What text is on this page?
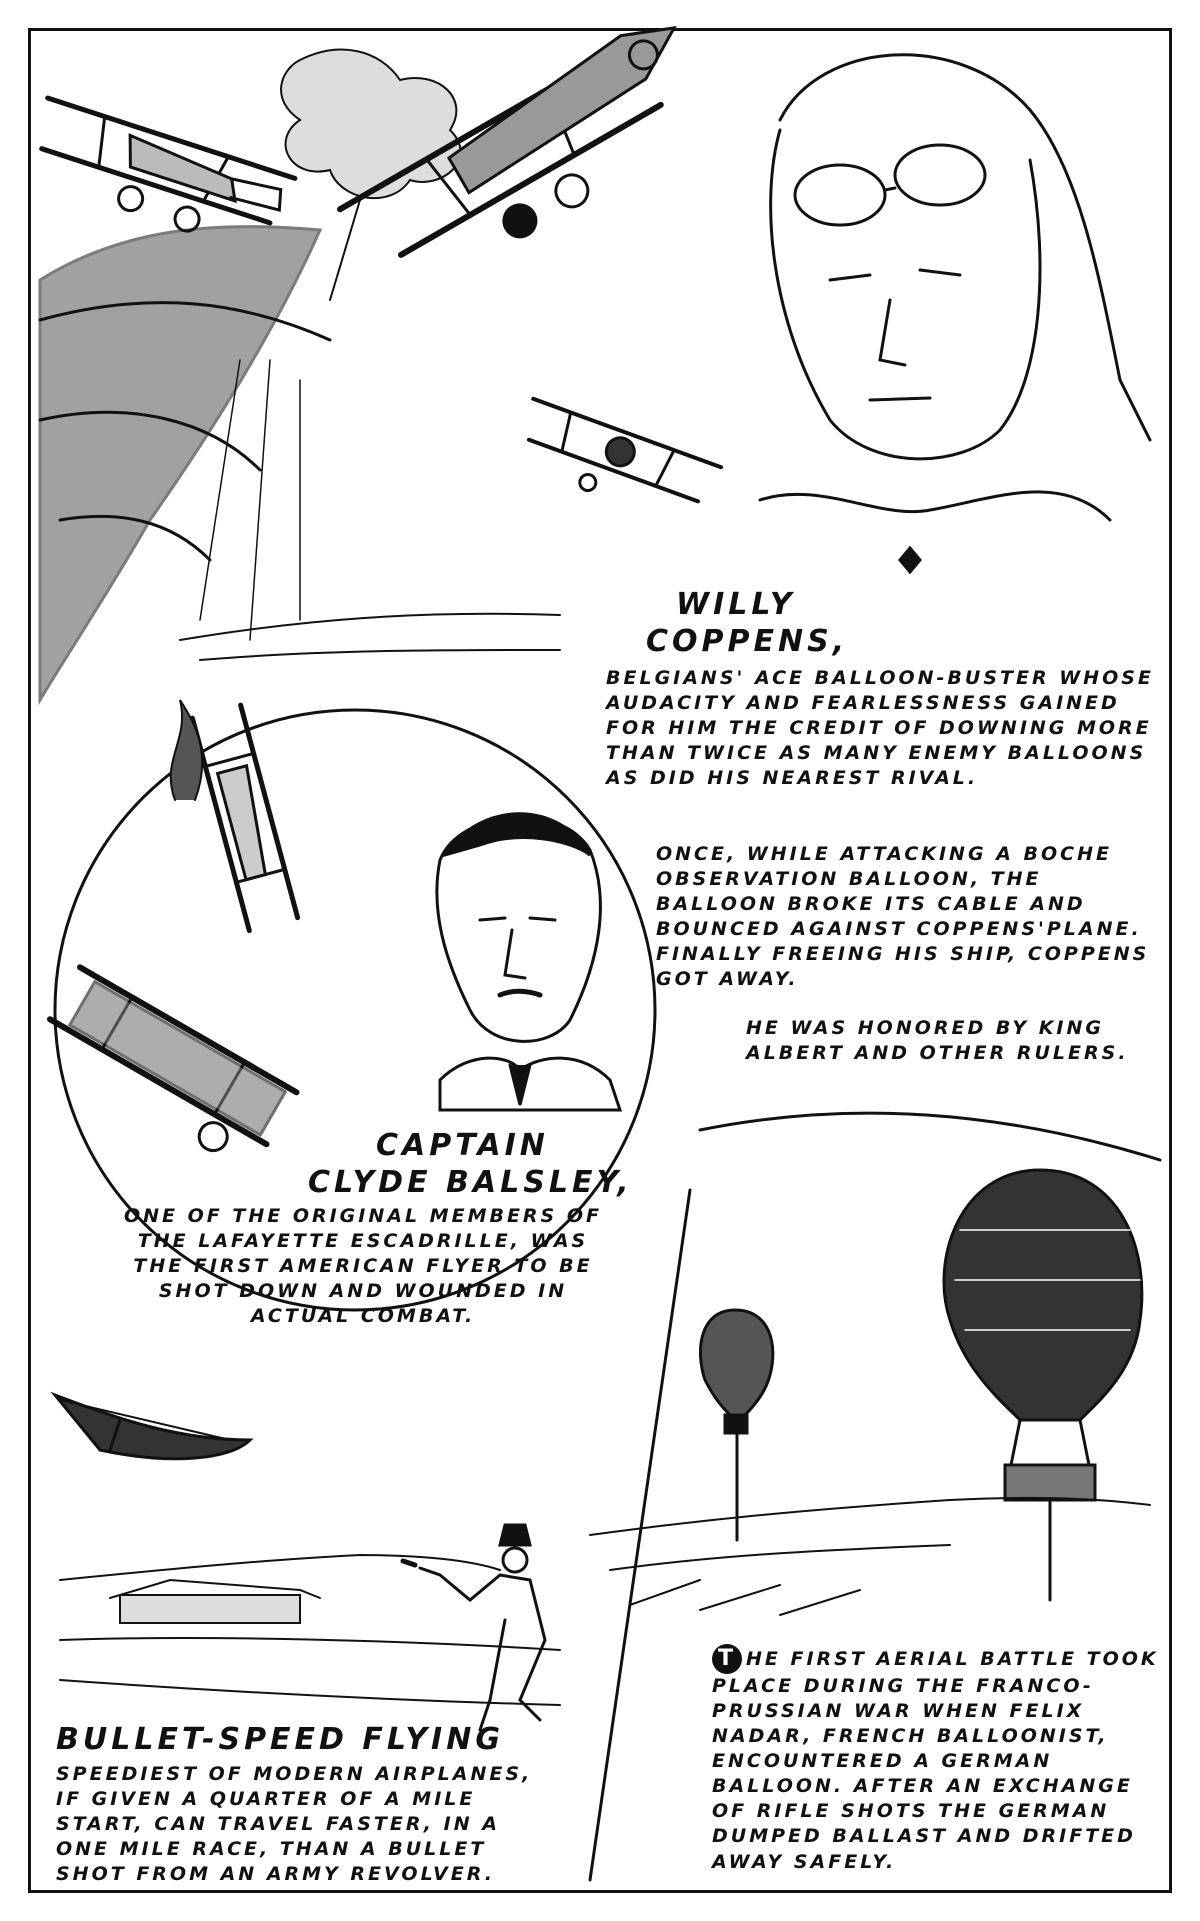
WILLY
COPPENS,
BELGIANS' ACE BALLOON-BUSTER WHOSE AUDACITY AND FEARLESSNESS GAINED FOR HIM THE CREDIT OF DOWNING MORE THAN TWICE AS MANY ENEMY BALLOONS AS DID HIS NEAREST RIVAL.
ONCE, WHILE ATTACKING A BOCHE OBSERVATION BALLOON, THE BALLOON BROKE ITS CABLE AND BOUNCED AGAINST COPPENS'PLANE. FINALLY FREEING HIS SHIP, COPPENS GOT AWAY.
HE WAS HONORED BY KING ALBERT AND OTHER RULERS.
CAPTAIN
CLYDE BALSLEY,
ONE OF THE ORIGINAL MEMBERS OF THE LAFAYETTE ESCADRILLE, WAS THE FIRST AMERICAN FLYER TO BE SHOT DOWN AND WOUNDED IN ACTUAL COMBAT.
BULLET-SPEED FLYING
SPEEDIEST OF MODERN AIRPLANES, IF GIVEN A QUARTER OF A MILE START, CAN TRAVEL FASTER, IN A ONE MILE RACE, THAN A BULLET SHOT FROM AN ARMY REVOLVER.
T HE FIRST AERIAL BATTLE TOOK PLACE DURING THE FRANCO-PRUSSIAN WAR WHEN FELIX NADAR, FRENCH BALLOONIST, ENCOUNTERED A GERMAN BALLOON. AFTER AN EXCHANGE OF RIFLE SHOTS THE GERMAN DUMPED BALLAST AND DRIFTED AWAY SAFELY.
